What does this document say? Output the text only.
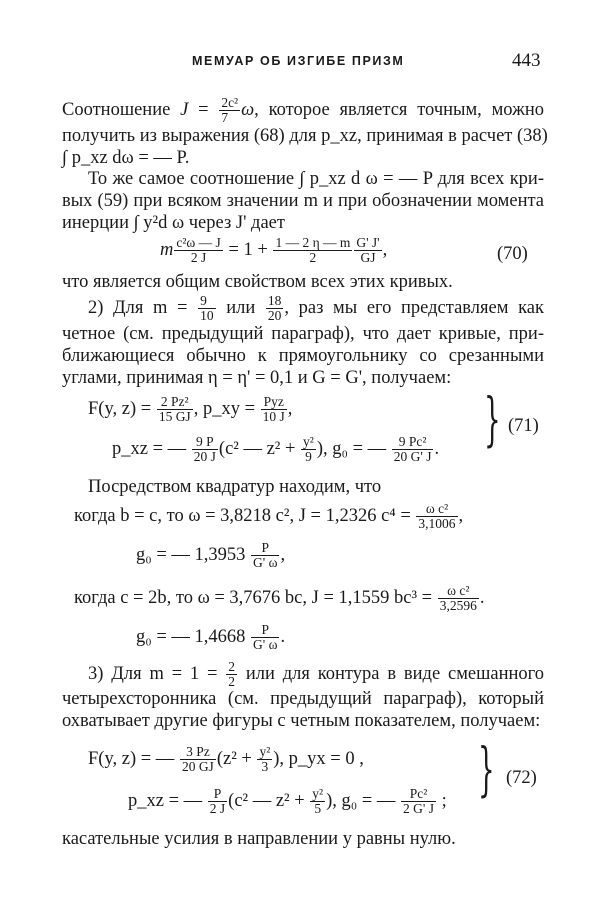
МЕМУАР ОБ ИЗГИБЕ ПРИЗМ	443
Соотношение $J = \frac{\text{2c²}}{7} \omega$, которое является точным, можно
получить из выражения (68) для p_xz, принимая в расчет (38)
∫ p_xz dω = — P.
То же самое соотношение ∫ p_xz d ω = — P для всех кри-
вых (59) при всяком значении m и при обозначении момента
инерции ∫ y²d ω через J' дает
m $\frac{\text{c²ω — J}}{2 J} = 1 + \frac{1 — 2 \eta — m}{2} \frac{G' J'}{GJ}$ ,	(70)
что является общим свойством всех этих кривых.
2) Для $m = \frac{9}{10}$ или $\frac{18}{20}$ , раз мы его представляем как
четное (см. предыдущий параграф), что дает кривые, при-
ближающиеся обычно к прямоугольнику со срезанными
углами, принимая η = η' = 0,1 и G = G', получаем:
F(y, $z) = \frac{\text{2 Pz²}}{15 GJ}$ , p_xy = $\frac{\text{Pyz}}{10 J}$ ,
p_xz = — $\frac{9 P}{20 J} (c^2$ — $z^2 + \frac{\text{y²}}{9}$ ), g₀ = — $\frac{\text{9 Pc²}}{20 G' J}$ . } (71)
Посредством квадратур находим, что
когда b = c, то ω = 3,8218 c², J = 1,2326 $c^4 = \frac{\text{ω c²}}{3,1006}$ ,
g₀ = — $1,3953 \frac{P}{G' \omega}$ ,
когда c = 2b, то ω = 3,7676 bc, J = 1,1559 $bc^3 = \frac{\text{ω c²}}{3,2596}$ .
g₀ = — $1,4668 \frac{P}{G' \omega}$ .
3) Для $m = 1 = \frac{2}{2}$ или для контура в виде смешанного
четырехсторонника (см. предыдущий параграф), который
охватывает другие фигуры с четным показателем, получаем:
F(y, z) = — $\frac{3 Pz}{20 GJ} (z^2 + \frac{\text{y²}}{3}$ ), p_yx = 0 ,
p_xz = — $\frac{P}{2 J} (c^2$ — $z^2 + \frac{\text{y²}}{5}$ ), g₀ = — $\frac{\text{Pc²}}{2 G' J}$ ; } (72)
касательные усилия в направлении y равны нулю.
